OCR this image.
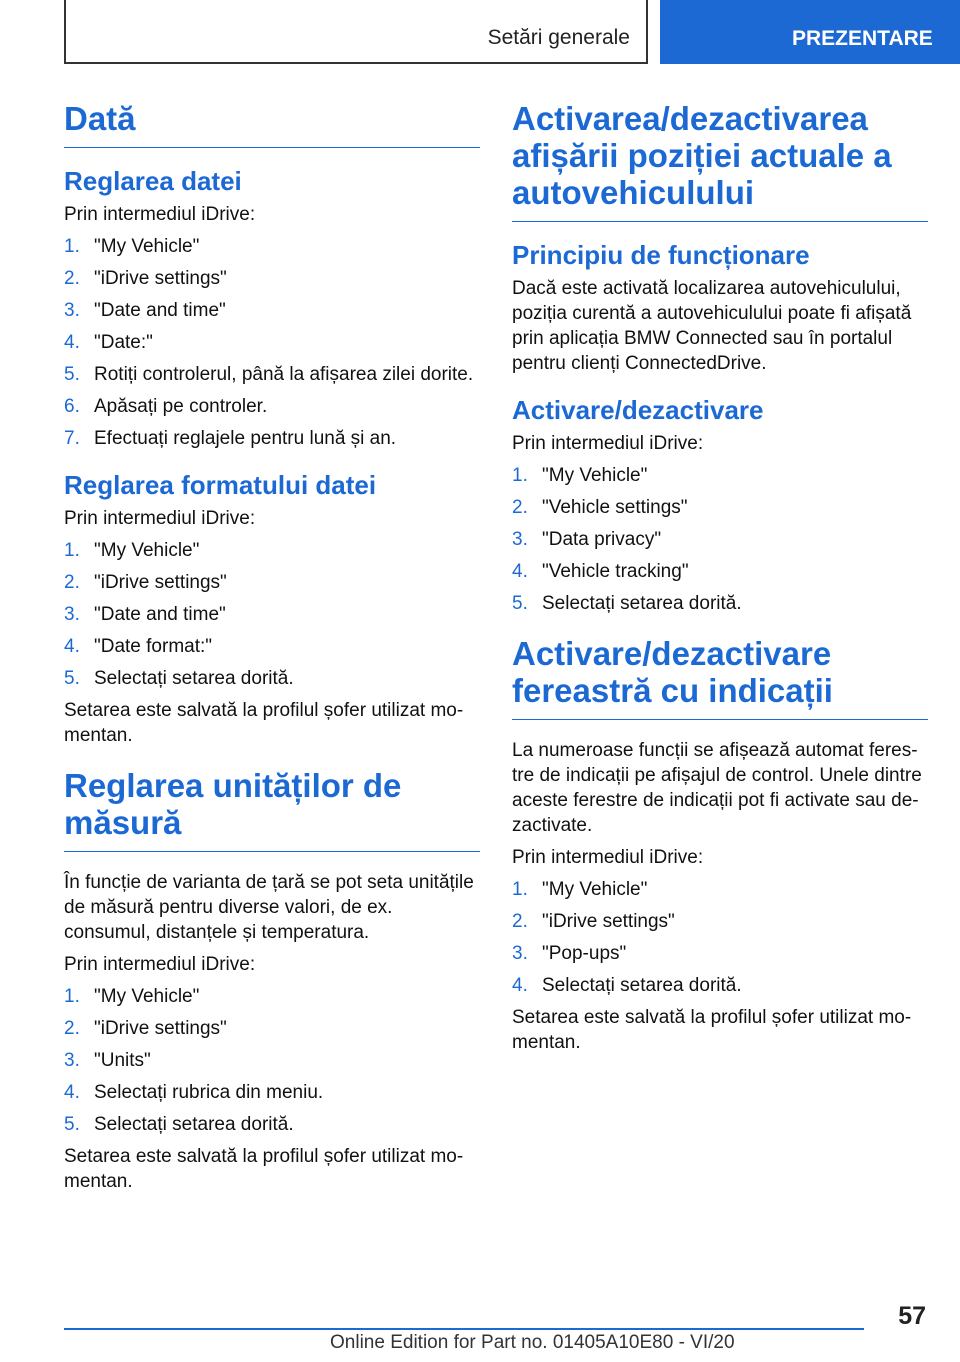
Setări generale	PREZENTARE
Dată
Reglarea datei

Prin intermediul iDrive:

1. "My Vehicle"
2. "iDrive settings"
3. "Date and time"
4. "Date:"
5. Rotiți controlerul, până la afișarea zilei dorite.
6. Apăsați pe controler.
7. Efectuați reglajele pentru lună și an.
Reglarea formatului datei

Prin intermediul iDrive:

1. "My Vehicle"
2. "iDrive settings"
3. "Date and time"
4. "Date format:"
5. Selectați setarea dorită.

Setarea este salvată la profilul șofer utilizat mo-mentan.

Reglarea unităților de măsură

În funcție de varianta de țară se pot seta unitățile de măsură pentru diverse valori, de ex. consumul, distanțele și temperatura.

Prin intermediul iDrive:

1. "My Vehicle"
2. "iDrive settings"
3. "Units"
4. Selectați rubrica din meniu.
5. Selectați setarea dorită.

Setarea este salvată la profilul șofer utilizat mo-mentan.

Activarea/dezactivarea afișării poziției actuale a autovehiculului
Principiu de funcționare

Dacă este activată localizarea autovehiculului, poziția curentă a autovehiculului poate fi afișată prin aplicația BMW Connected sau în portalul pentru clienți ConnectedDrive.

Activare/dezactivare

Prin intermediul iDrive:

1. "My Vehicle"
2. "Vehicle settings"
3. "Data privacy"
4. "Vehicle tracking"
5. Selectați setarea dorită.
Activare/dezactivare fereastră cu indicații

La numeroase funcții se afișează automat feres-tre de indicații pe afișajul de control. Unele dintre aceste ferestre de indicații pot fi activate sau de-zactivate.

Prin intermediul iDrive:

1. "My Vehicle"
2. "iDrive settings"
3. "Pop-ups"
4. Selectați setarea dorită.

Setarea este salvată la profilul șofer utilizat mo-mentan.

57
Online Edition for Part no. 01405A10E80 - VI/20
